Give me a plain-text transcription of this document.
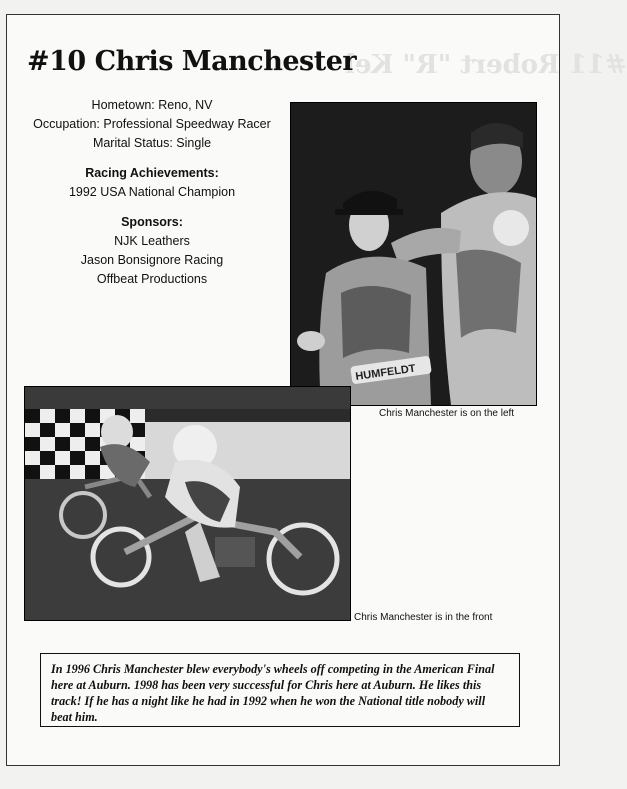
#11 Robert "R" Kel
#10 Chris Manchester
Hometown: Reno, NV
Occupation: Professional Speedway Racer
Marital Status: Single
Racing Achievements:
1992 USA National Champion
Sponsors:
NJK Leathers
Jason Bonsignore Racing
Offbeat Productions
HUMFELDT
Chris Manchester is on the left
Chris Manchester is in the front
In 1996 Chris Manchester blew everybody's wheels off competing in the American Final here at Auburn. 1998 has been very successful for Chris here at Auburn. He likes this track! If he has a night like he had in 1992 when he won the National title nobody will beat him.
